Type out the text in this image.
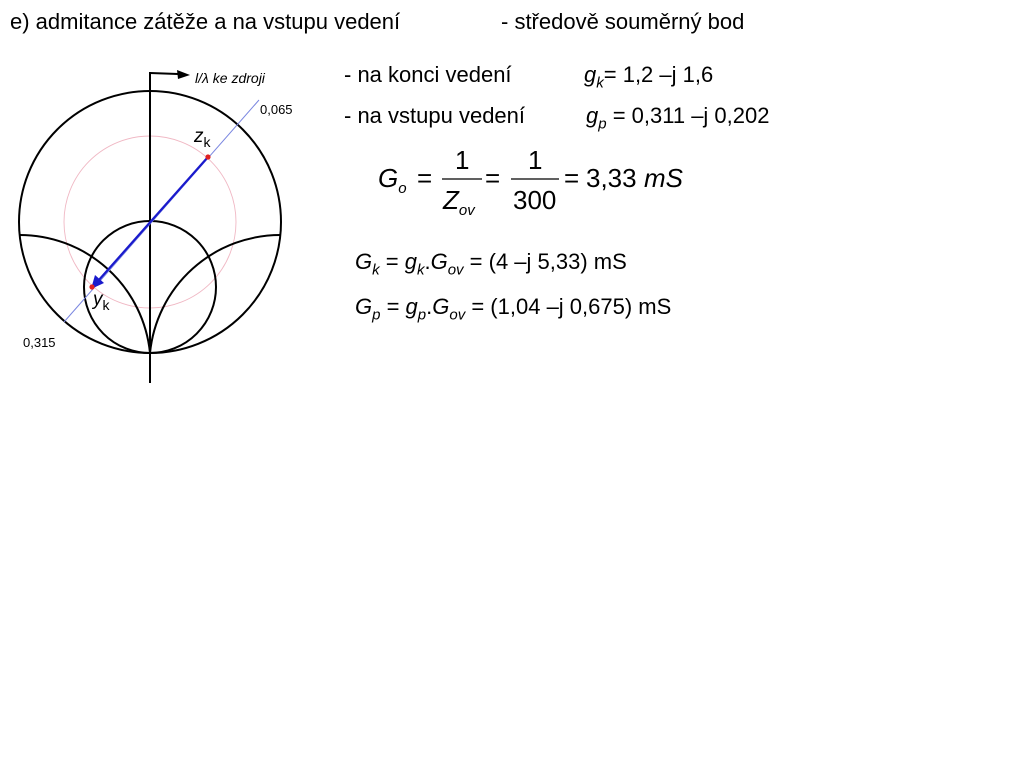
e) admitance zátěže a na vstupu vedení	- středově souměrný bod
l/λ ke zdroji
0,065
0,315
$z_k$
$y_k$
- na konci vedení	$g_k= 1,2$ –j 1,6
- na vstupu vedení	$g_p = 0,311$ –j 0,202
$G_o$ =
1
$Z_{ov}$
=
1
300
= 3,33 mS
$G_k = g_k.G_{ov} = (4$ –j 5,33) mS
$G_p = g_p.G_{ov} = (1,04$ –j 0,675) mS
